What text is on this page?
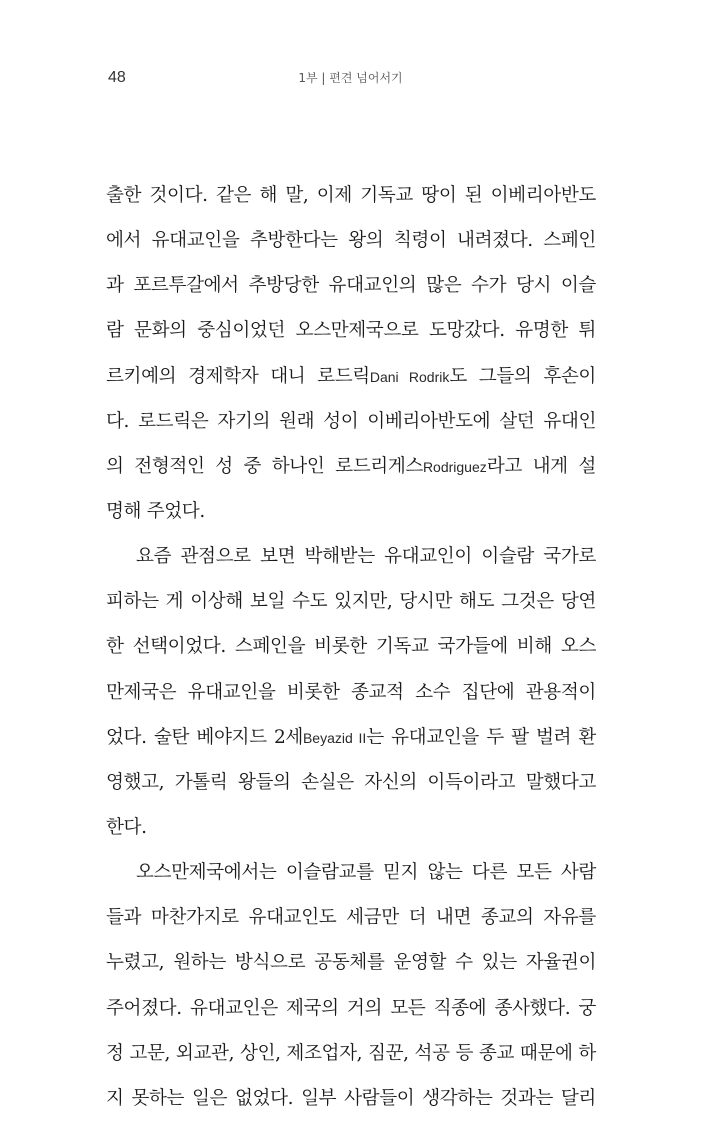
48	1부 | 편견 넘어서기
출한 것이다. 같은 해 말, 이제 기독교 땅이 된 이베리아반도
에서 유대교인을 추방한다는 왕의 칙령이 내려졌다. 스페인
과 포르투갈에서 추방당한 유대교인의 많은 수가 당시 이슬
람 문화의 중심이었던 오스만제국으로 도망갔다. 유명한 튀
르키예의 경제학자 대니 로드릭Dani Rodrik도 그들의 후손이
다. 로드릭은 자기의 원래 성이 이베리아반도에 살던 유대인
의 전형적인 성 중 하나인 로드리게스Rodriguez라고 내게 설
명해 주었다.
요즘 관점으로 보면 박해받는 유대교인이 이슬람 국가로
피하는 게 이상해 보일 수도 있지만, 당시만 해도 그것은 당연
한 선택이었다. 스페인을 비롯한 기독교 국가들에 비해 오스
만제국은 유대교인을 비롯한 종교적 소수 집단에 관용적이
었다. 술탄 베야지드 2세Beyazid II는 유대교인을 두 팔 벌려 환
영했고, 가톨릭 왕들의 손실은 자신의 이득이라고 말했다고
한다.
오스만제국에서는 이슬람교를 믿지 않는 다른 모든 사람
들과 마찬가지로 유대교인도 세금만 더 내면 종교의 자유를
누렸고, 원하는 방식으로 공동체를 운영할 수 있는 자율권이
주어졌다. 유대교인은 제국의 거의 모든 직종에 종사했다. 궁
정 고문, 외교관, 상인, 제조업자, 짐꾼, 석공 등 종교 때문에 하
지 못하는 일은 없었다. 일부 사람들이 생각하는 것과는 달리
